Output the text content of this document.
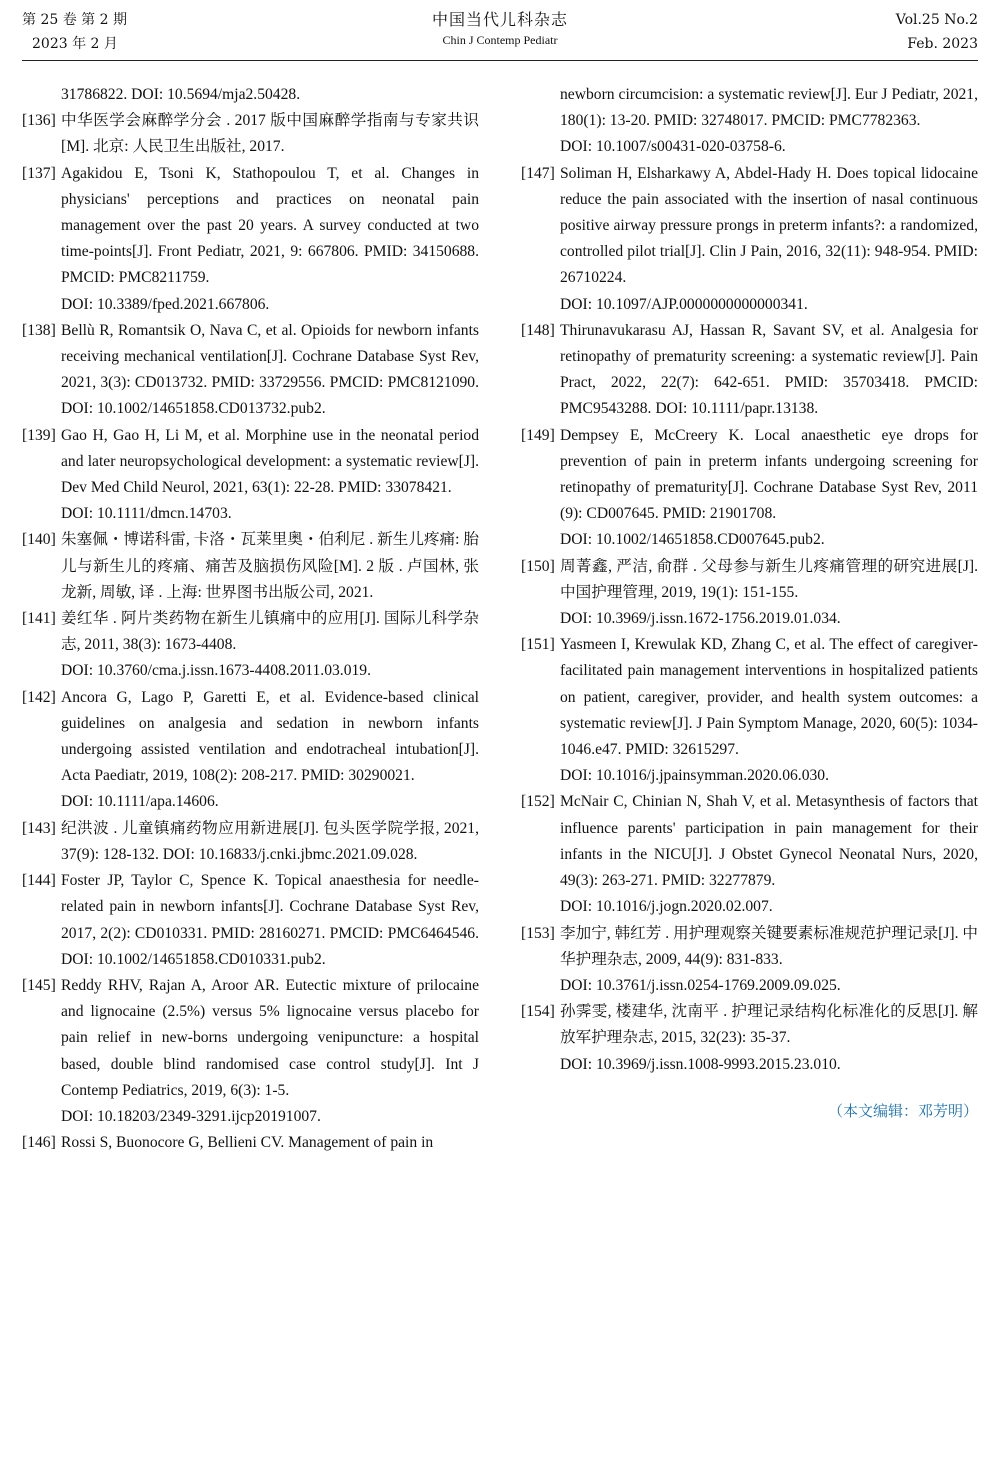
第 25 卷 第 2 期
2023 年 2 月
中国当代儿科杂志
Chin J Contemp Pediatr
Vol.25 No.2
Feb. 2023
31786822. DOI: 10.5694/mja2.50428.
[136] 中华医学会麻醉学分会 . 2017 版中国麻醉学指南与专家共识[M]. 北京: 人民卫生出版社, 2017.
[137] Agakidou E, Tsoni K, Stathopoulou T, et al. Changes in physicians' perceptions and practices on neonatal pain management over the past 20 years. A survey conducted at two time-points[J]. Front Pediatr, 2021, 9: 667806. PMID: 34150688. PMCID: PMC8211759.
DOI: 10.3389/fped.2021.667806.
[138] Bellù R, Romantsik O, Nava C, et al. Opioids for newborn infants receiving mechanical ventilation[J]. Cochrane Database Syst Rev, 2021, 3(3): CD013732. PMID: 33729556. PMCID: PMC8121090. DOI: 10.1002/14651858.CD013732.pub2.
[139] Gao H, Gao H, Li M, et al. Morphine use in the neonatal period and later neuropsychological development: a systematic review[J]. Dev Med Child Neurol, 2021, 63(1): 22-28. PMID: 33078421.
DOI: 10.1111/dmcn.14703.
[140] 朱塞佩・博诺科雷, 卡洛・瓦莱里奥・伯利尼 . 新生儿疼痛: 胎儿与新生儿的疼痛、痛苦及脑损伤风险[M]. 2 版 . 卢国林, 张龙新, 周敏, 译 . 上海: 世界图书出版公司, 2021.
[141] 姜红华 . 阿片类药物在新生儿镇痛中的应用[J]. 国际儿科学杂志, 2011, 38(3): 1673-4408.
DOI: 10.3760/cma.j.issn.1673-4408.2011.03.019.
[142] Ancora G, Lago P, Garetti E, et al. Evidence-based clinical guidelines on analgesia and sedation in newborn infants undergoing assisted ventilation and endotracheal intubation[J]. Acta Paediatr, 2019, 108(2): 208-217. PMID: 30290021.
DOI: 10.1111/apa.14606.
[143] 纪洪波 . 儿童镇痛药物应用新进展[J]. 包头医学院学报, 2021, 37(9): 128-132. DOI: 10.16833/j.cnki.jbmc.2021.09.028.
[144] Foster JP, Taylor C, Spence K. Topical anaesthesia for needle-related pain in newborn infants[J]. Cochrane Database Syst Rev, 2017, 2(2): CD010331. PMID: 28160271. PMCID: PMC6464546. DOI: 10.1002/14651858.CD010331.pub2.
[145] Reddy RHV, Rajan A, Aroor AR. Eutectic mixture of prilocaine and lignocaine (2.5%) versus 5% lignocaine versus placebo for pain relief in new-borns undergoing venipuncture: a hospital based, double blind randomised case control study[J]. Int J Contemp Pediatrics, 2019, 6(3): 1-5.
DOI: 10.18203/2349-3291.ijcp20191007.
[146] Rossi S, Buonocore G, Bellieni CV. Management of pain in
newborn circumcision: a systematic review[J]. Eur J Pediatr, 2021, 180(1): 13-20. PMID: 32748017. PMCID: PMC7782363.
DOI: 10.1007/s00431-020-03758-6.
[147] Soliman H, Elsharkawy A, Abdel-Hady H. Does topical lidocaine reduce the pain associated with the insertion of nasal continuous positive airway pressure prongs in preterm infants?: a randomized, controlled pilot trial[J]. Clin J Pain, 2016, 32(11): 948-954. PMID: 26710224.
DOI: 10.1097/AJP.0000000000000341.
[148] Thirunavukarasu AJ, Hassan R, Savant SV, et al. Analgesia for retinopathy of prematurity screening: a systematic review[J]. Pain Pract, 2022, 22(7): 642-651. PMID: 35703418. PMCID: PMC9543288. DOI: 10.1111/papr.13138.
[149] Dempsey E, McCreery K. Local anaesthetic eye drops for prevention of pain in preterm infants undergoing screening for retinopathy of prematurity[J]. Cochrane Database Syst Rev, 2011 (9): CD007645. PMID: 21901708.
DOI: 10.1002/14651858.CD007645.pub2.
[150] 周菁鑫, 严洁, 俞群 . 父母参与新生儿疼痛管理的研究进展[J]. 中国护理管理, 2019, 19(1): 151-155.
DOI: 10.3969/j.issn.1672-1756.2019.01.034.
[151] Yasmeen I, Krewulak KD, Zhang C, et al. The effect of caregiver-facilitated pain management interventions in hospitalized patients on patient, caregiver, provider, and health system outcomes: a systematic review[J]. J Pain Symptom Manage, 2020, 60(5): 1034-1046.e47. PMID: 32615297.
DOI: 10.1016/j.jpainsymman.2020.06.030.
[152] McNair C, Chinian N, Shah V, et al. Metasynthesis of factors that influence parents' participation in pain management for their infants in the NICU[J]. J Obstet Gynecol Neonatal Nurs, 2020, 49(3): 263-271. PMID: 32277879.
DOI: 10.1016/j.jogn.2020.02.007.
[153] 李加宁, 韩红芳 . 用护理观察关键要素标准规范护理记录[J]. 中华护理杂志, 2009, 44(9): 831-833.
DOI: 10.3761/j.issn.0254-1769.2009.09.025.
[154] 孙霁雯, 楼建华, 沈南平 . 护理记录结构化标准化的反思[J]. 解放军护理杂志, 2015, 32(23): 35-37.
DOI: 10.3969/j.issn.1008-9993.2015.23.010.
（本文编辑：邓芳明）
